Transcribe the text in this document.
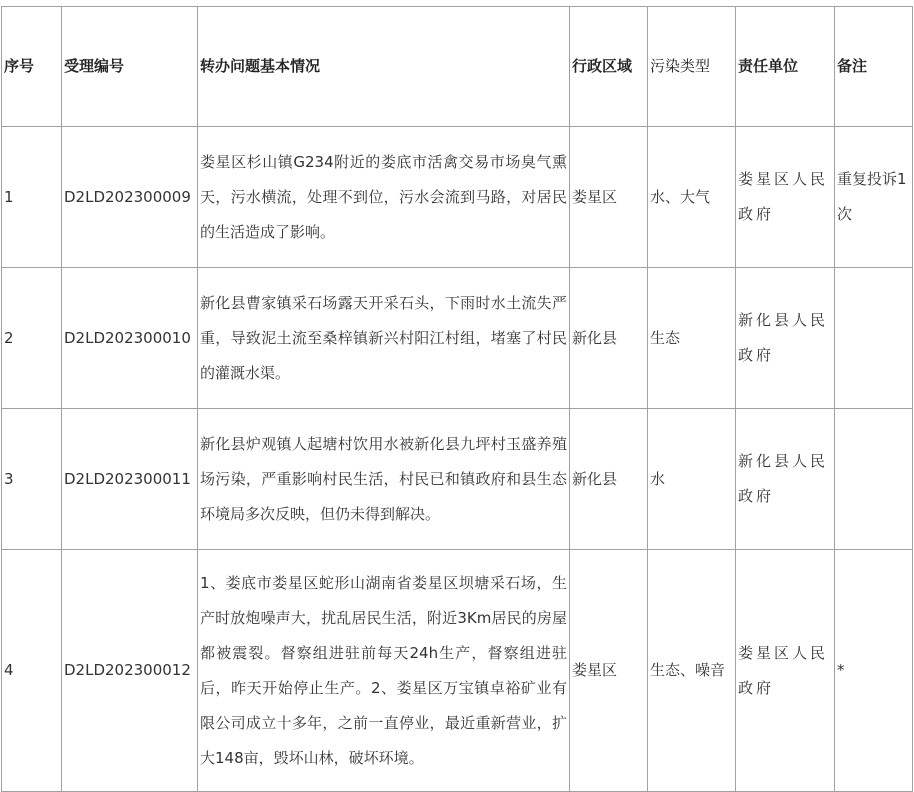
序号	受理编号	转办问题基本情况	行政区域	污染类型	责任单位	备注
1	D2LD202300009	娄星区杉山镇G234附近的娄底市活禽交易市场臭气熏天，污水横流，处理不到位，污水会流到马路，对居民的生活造成了影响。	娄星区	水、大气	娄星区人民政府	重复投诉1次
2	D2LD202300010	新化县曹家镇采石场露天开采石头，下雨时水土流失严重，导致泥土流至桑梓镇新兴村阳江村组，堵塞了村民的灌溉水渠。	新化县	生态	新化县人民政府	
3	D2LD202300011	新化县炉观镇人起塘村饮用水被新化县九坪村玉盛养殖场污染，严重影响村民生活，村民已和镇政府和县生态环境局多次反映，但仍未得到解决。	新化县	水	新化县人民政府	
4	D2LD202300012	1、娄底市娄星区蛇形山湖南省娄星区坝塘采石场，生产时放炮噪声大，扰乱居民生活，附近3Km居民的房屋都被震裂。督察组进驻前每天24h生产，督察组进驻后，昨天开始停止生产。2、娄星区万宝镇卓裕矿业有限公司成立十多年，之前一直停业，最近重新营业，扩大148亩，毁坏山林，破坏环境。	娄星区	生态、噪音	娄星区人民政府	*
